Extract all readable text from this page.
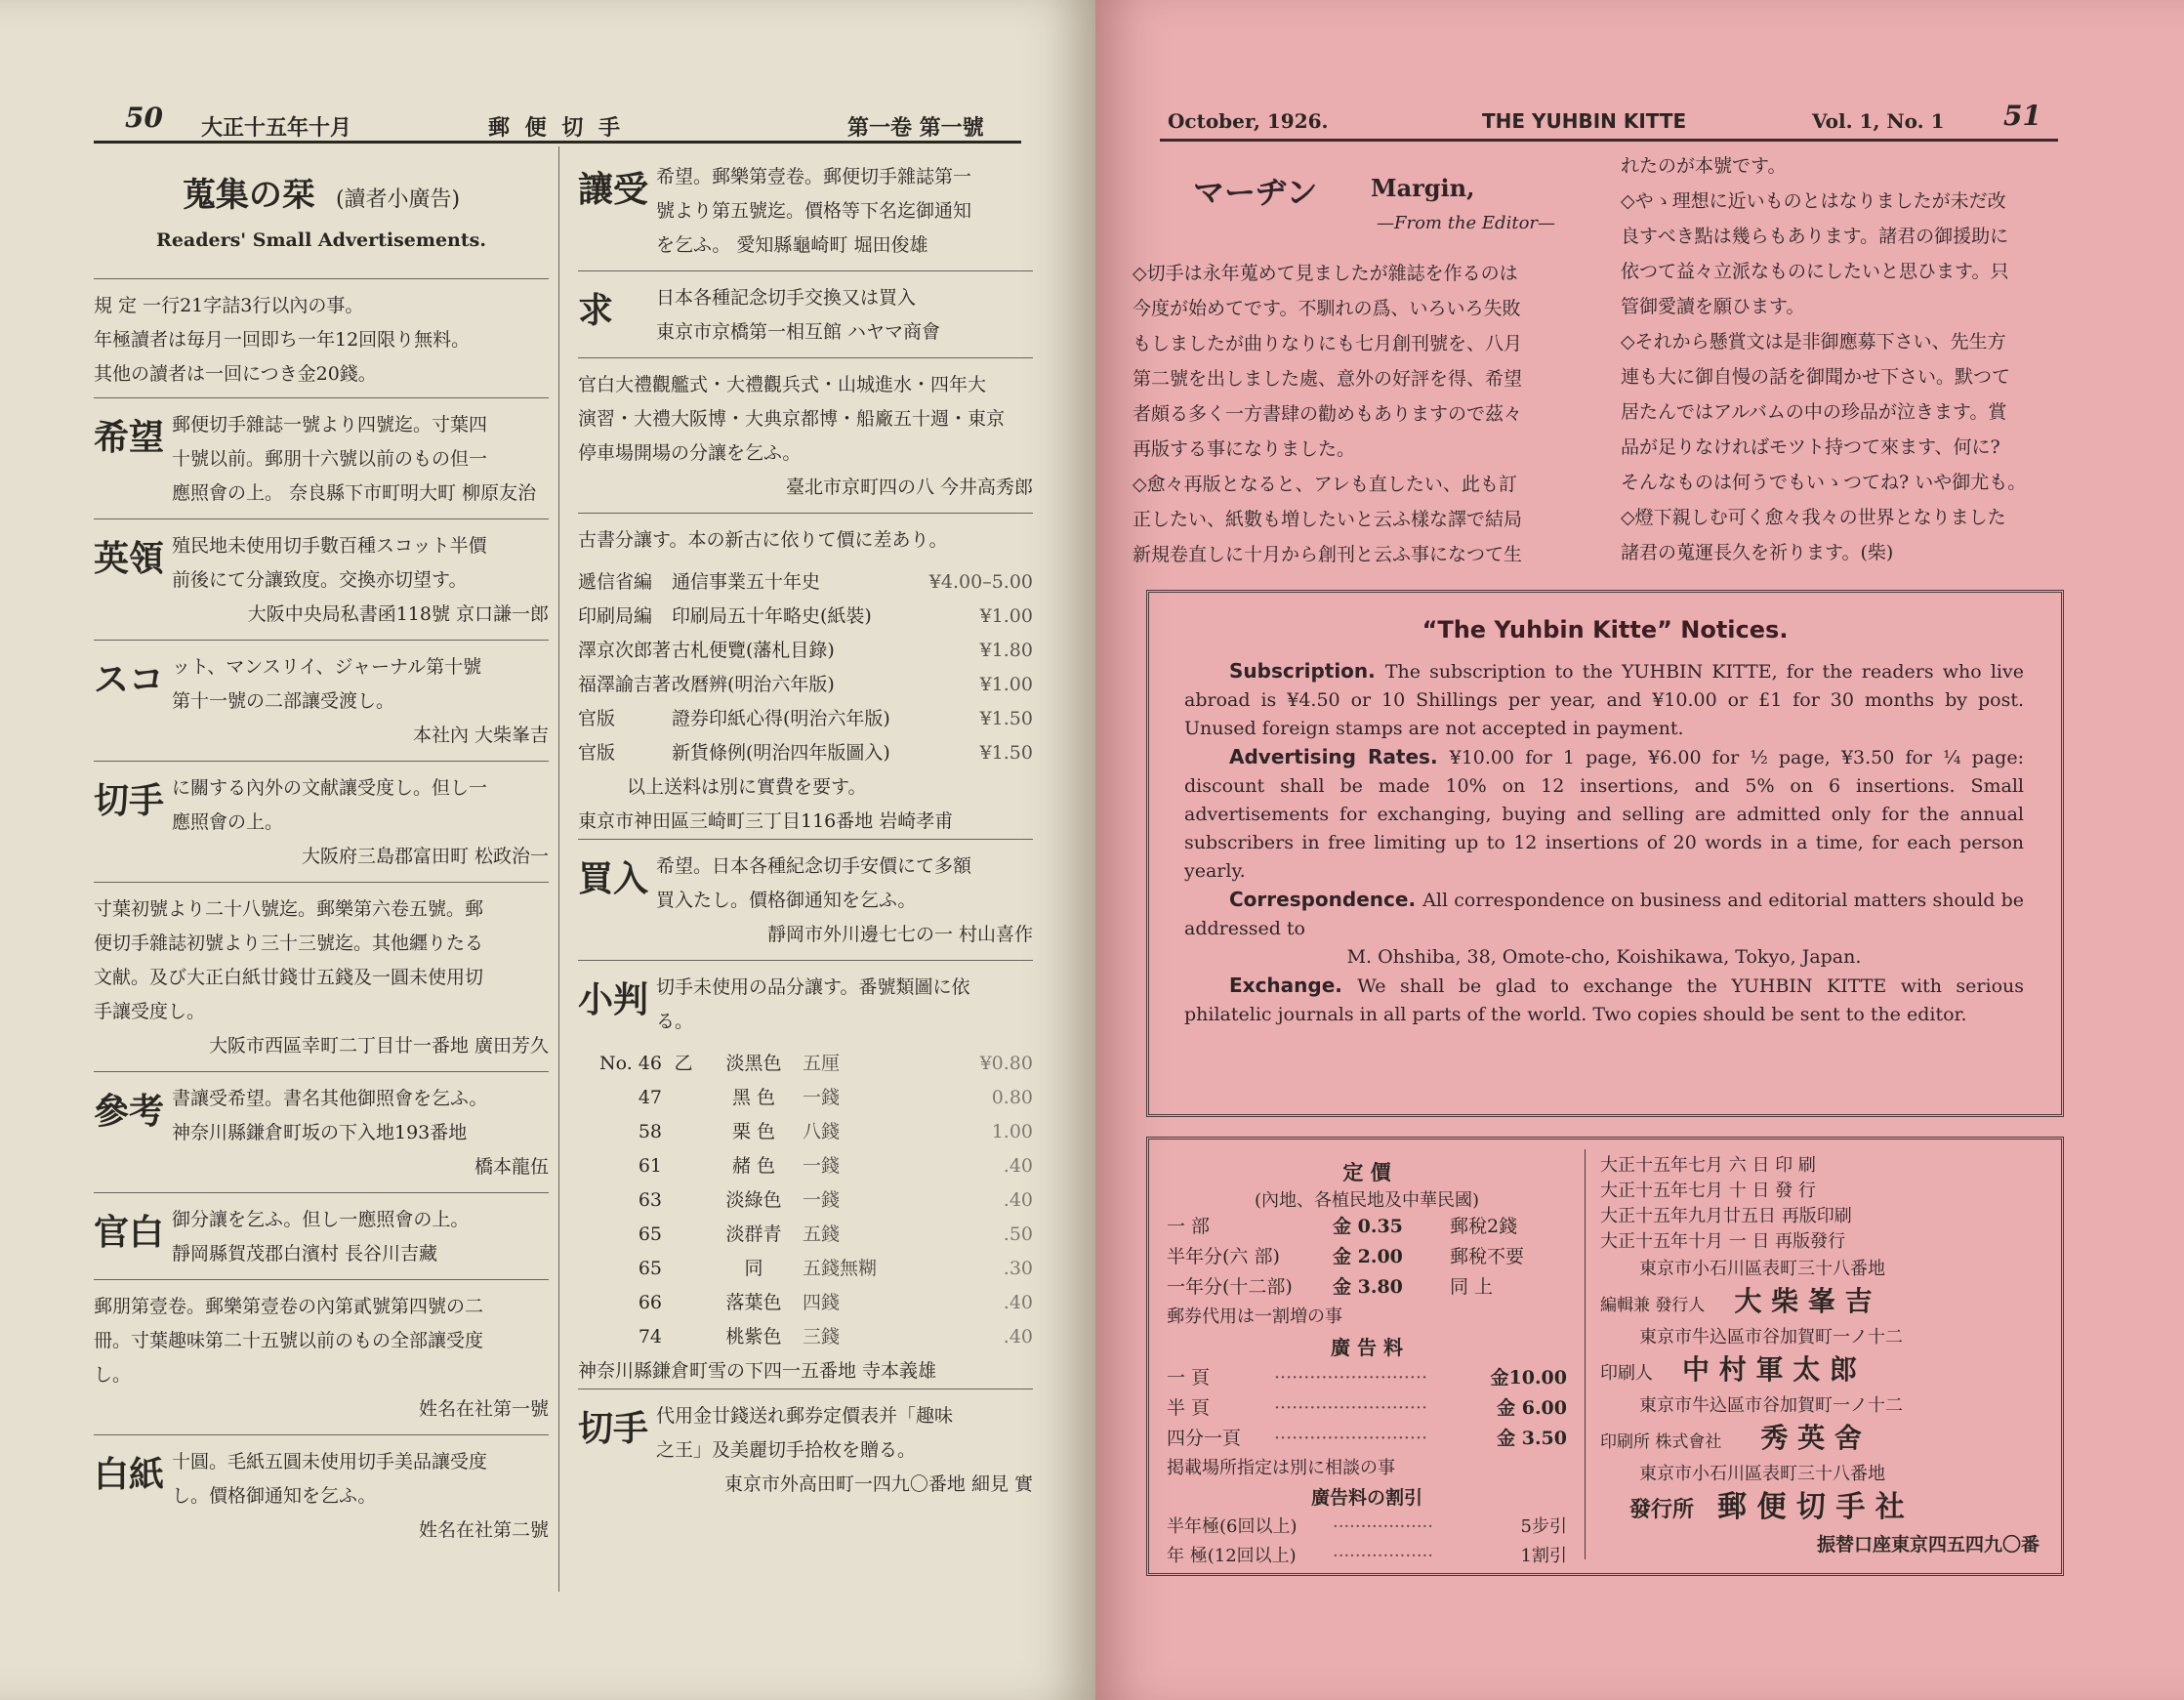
50 大正十五年十月	郵 便 切 手	第一卷 第一號
蒐集の栞 (讀者小廣告)
Readers' Small Advertisements.
規 定 一行21字詰3行以內の事。
年極讀者は毎月一回即ち一年12回限り無料。
其他の讀者は一回につき金20錢。
希望 郵便切手雜誌一號より四號迄。寸葉四
十號以前。郵朋十六號以前のもの但一
應照會の上。 奈良縣下市町明大町 柳原友治
英領 殖民地未使用切手數百種スコット半價
前後にて分讓致度。交換亦切望す。
大阪中央局私書函118號 京口謙一郎
スコ ット、マンスリイ、ジャーナル第十號
第十一號の二部讓受渡し。
本社內 大柴峯吉
切手 に關する內外の文献讓受度し。但し一
應照會の上。
大阪府三島郡富田町 松政治一
寸葉初號より二十八號迄。郵樂第六卷五號。郵
便切手雜誌初號より三十三號迄。其他纒りたる
文献。及び大正白紙廿錢廿五錢及一圓未使用切
手讓受度し。
大阪市西區幸町二丁目廿一番地 廣田芳久
參考 書讓受希望。書名其他御照會を乞ふ。
神奈川縣鎌倉町坂の下入地193番地
橋本龍伍
官白 御分讓を乞ふ。但し一應照會の上。
靜岡縣賀茂郡白濱村 長谷川吉藏
郵朋第壹卷。郵樂第壹卷の內第貳號第四號の二
冊。寸葉趣味第二十五號以前のもの全部讓受度
し。
姓名在社第一號
白紙 十圓。毛紙五圓未使用切手美品讓受度
し。價格御通知を乞ふ。
姓名在社第二號
讓受 希望。郵樂第壹卷。郵便切手雜誌第一
號より第五號迄。價格等下名迄御通知
を乞ふ。 愛知縣龜崎町 堀田俊雄
求	日本各種記念切手交換又は買入
東京市京橋第一相互館 ハヤマ商會
官白大禮觀艦式・大禮觀兵式・山城進水・四年大
演習・大禮大阪博・大典京都博・船廠五十週・東京
停車場開場の分讓を乞ふ。
臺北市京町四の八 今井高秀郎
古書分讓す。本の新古に依りて價に差あり。
遞信省編	通信事業五十年史	¥4.00–5.00
印刷局編	印刷局五十年略史(紙裝)	¥1.00
澤京次郎著 古札便覽(藩札目錄)	¥1.80
福澤諭吉著 改曆辨(明治六年版)	¥1.00
官版	證券印紙心得(明治六年版)	¥1.50
官版	新貨條例(明治四年版圖入)	¥1.50
以上送料は別に實費を要す。
東京市神田區三崎町三丁目116番地 岩崎孝甫
買入 希望。日本各種紀念切手安價にて多額
買入たし。價格御通知を乞ふ。
靜岡市外川邊七七の一 村山喜作
小判 切手未使用の品分讓す。番號類圖に依
る。
No. 46 乙	淡黑色	五厘	¥0.80
47	黑 色	一錢	0.80
58	栗 色	八錢	1.00
61	赭 色	一錢	.40
63	淡綠色	一錢	.40
65	淡群青	五錢	.50
65	同	五錢無糊	.30
66	落葉色	四錢	.40
74	桃紫色	三錢	.40
神奈川縣鎌倉町雪の下四一五番地 寺本義雄
切手 代用金廿錢送れ郵券定價表并「趣味
之王」及美麗切手拾枚を贈る。
東京市外高田町一四九〇番地 細見 實
October, 1926.	THE YUHBIN KITTE	Vol. 1, No. 1 51
マーヂン Margin,
—From the Editor—
◇切手は永年蒐めて見ましたが雜誌を作るのは
今度が始めてです。不馴れの爲、いろいろ失敗
もしましたが曲りなりにも七月創刊號を、八月
第二號を出しました處、意外の好評を得、希望
者頗る多く一方書肆の勸めもありますので茲々
再版する事になりました。
◇愈々再版となると、アレも直したい、此も訂
正したい、紙數も増したいと云ふ樣な譯で結局
新規卷直しに十月から創刊と云ふ事になつて生
れたのが本號です。
◇やゝ理想に近いものとはなりましたが未だ改
良すべき點は幾らもあります。諸君の御援助に
依つて益々立派なものにしたいと思ひます。只
管御愛讀を願ひます。
◇それから懸賞文は是非御應募下さい、先生方
連も大に御自慢の話を御聞かせ下さい。默つて
居たんではアルバムの中の珍品が泣きます。賞
品が足りなければモツト持つて來ます、何に?
そんなものは何うでもいゝつてね? いや御尤も。
◇燈下親しむ可く愈々我々の世界となりました
諸君の蒐運長久を祈ります。(柴)
“The Yuhbin Kitte” Notices.
Subscription. The subscription to the YUHBIN KITTE, for the readers who live abroad is ¥4.50 or 10 Shillings per year, and ¥10.00 or £1 for 30 months by post. Unused foreign stamps are not accepted in payment.
Advertising Rates. ¥10.00 for 1 page, ¥6.00 for ½ page, ¥3.50 for ¼ page: discount shall be made 10% on 12 insertions, and 5% on 6 insertions. Small advertisements for exchanging, buying and selling are admitted only for the annual subscribers in free limiting up to 12 insertions of 20 words in a time, for each person yearly.
Correspondence. All correspondence on business and editorial matters should be addressed to
M. Ohshiba, 38, Omote-cho, Koishikawa, Tokyo, Japan.
Exchange. We shall be glad to exchange the YUHBIN KITTE with serious philatelic journals in all parts of the world. Two copies should be sent to the editor.
定 價
(內地、各植民地及中華民國)
一 部	金 0.35	郵稅2錢
半年分(六 部)	金 2.00	郵稅不要
一年分(十二部)	金 3.80	同 上
郵券代用は一割増の事
廣 告 料
一 頁	··························	金10.00
半 頁	··························	金 6.00
四分一頁	··························	金 3.50
掲載場所指定は別に相談の事
廣告料の割引
半年極(6回以上)	··················	5步引
年 極(12回以上)	··················	1割引
大正十五年七月 六 日 印 刷
大正十五年七月 十 日 發 行
大正十五年九月廿五日 再版印刷
大正十五年十月 一 日 再版發行
東京市小石川區表町三十八番地
編輯兼 發行人 大 柴 峯 吉
東京市牛込區市谷加賀町一ノ十二
印刷人 中 村 軍 太 郎
東京市牛込區市谷加賀町一ノ十二
印刷所 株式會社 秀 英 舍
東京市小石川區表町三十八番地
發行所 郵 便 切 手 社
振替口座東京四五四九〇番
